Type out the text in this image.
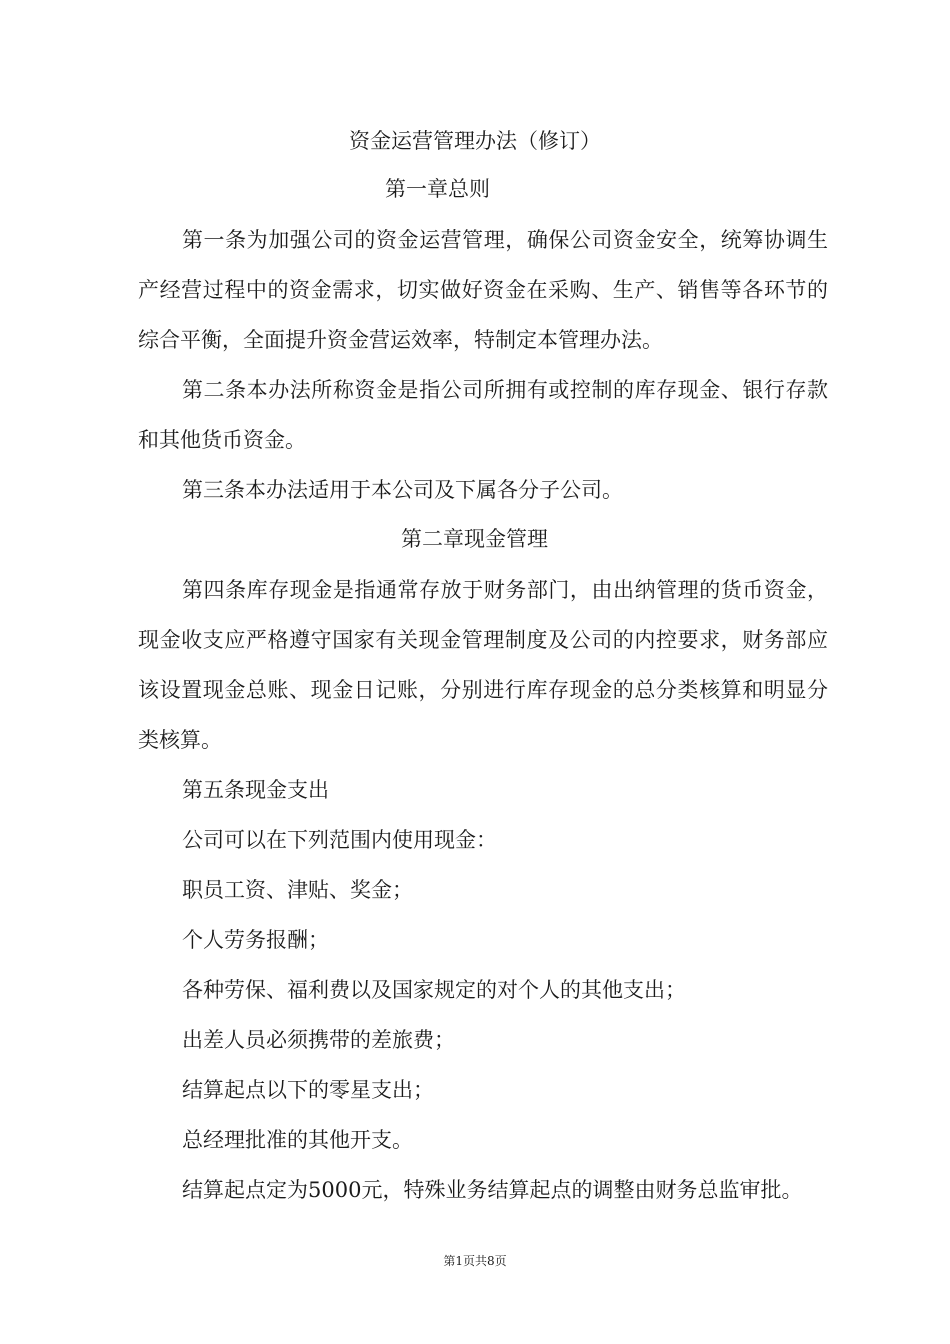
资金运营管理办法（修订）
第一章总则

第一条为加强公司的资金运营管理，确保公司资金安全，统筹协调生产经营过程中的资金需求，切实做好资金在采购、生产、销售等各环节的综合平衡，全面提升资金营运效率，特制定本管理办法。

第二条本办法所称资金是指公司所拥有或控制的库存现金、银行存款和其他货币资金。

第三条本办法适用于本公司及下属各分子公司。

第二章现金管理

第四条库存现金是指通常存放于财务部门，由出纳管理的货币资金，现金收支应严格遵守国家有关现金管理制度及公司的内控要求，财务部应该设置现金总账、现金日记账，分别进行库存现金的总分类核算和明显分类核算。

第五条现金支出

公司可以在下列范围内使用现金：

职员工资、津贴、奖金；

个人劳务报酬；

各种劳保、福利费以及国家规定的对个人的其他支出；

出差人员必须携带的差旅费；

结算起点以下的零星支出；

总经理批准的其他开支。

结算起点定为5000元，特殊业务结算起点的调整由财务总监审批。

第1页共8页
